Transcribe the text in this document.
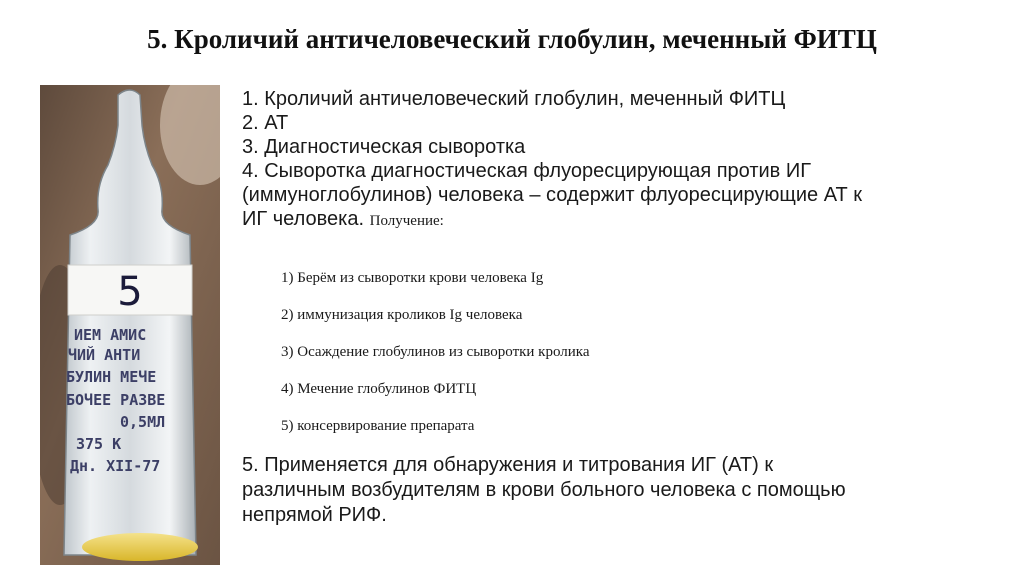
5. Кроличий античеловеческий глобулин, меченный ФИТЦ
5
ИЕМ АМИС
ЧИЙ АНТИ
БУЛИН МЕЧЕ
БОЧЕЕ РАЗВЕ
0,5МЛ
375 К
Дн. XII-77
1. Кроличий античеловеческий глобулин, меченный ФИТЦ
2. АТ
3. Диагностическая сыворотка
4. Сыворотка диагностическая флуоресцирующая против ИГ
(иммуноглобулинов) человека – содержит флуоресцирующие АТ к
ИГ человека. Получение:
1) Берём из сыворотки крови человека Ig
2) иммунизация кроликов Ig человека
3) Осаждение глобулинов из сыворотки кролика
4) Мечение глобулинов ФИТЦ
5) консервирование препарата
5. Применяется для обнаружения и титрования ИГ (АТ) к
различным возбудителям в крови больного человека с помощью
непрямой РИФ.
